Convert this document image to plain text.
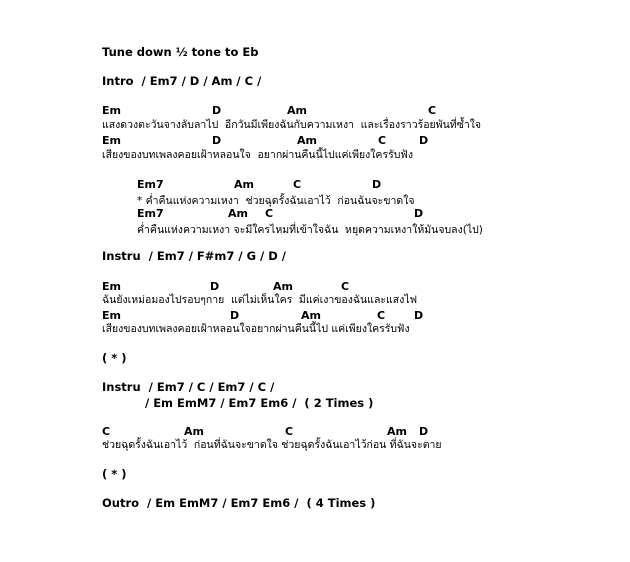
Tune down ½ tone to Eb
Intro  / Em7 / D / Am / C /
Em	D	Am	C
แสงดวงตะวันจางลับลาไป  อีกวันมีเพียงฉันกับความเหงา  และเรื่องราวร้อยพันที่ซ้ำใจ
Em	D	Am	C	D
เสียงของบทเพลงคอยเฝ้าหลอนใจ  อยากผ่านคืนนี้ไปแค่เพียงใครรับฟัง
Em7	Am	C	D
* ค่ำคืนแห่งความเหงา  ช่วยฉุดรั้งฉันเอาไว้  ก่อนฉันจะขาดใจ
Em7	Am C	D
ค่ำคืนแห่งความเหงา จะมีใครไหมที่เข้าใจฉัน  หยุดความเหงาให้มันจบลง(ไป)
Instru  / Em7 / F#m7 / G / D /
Em	D	Am	C
ฉันยังเหม่อมองไปรอบๆกาย  แต่ไม่เห็นใคร  มีแค่เงาของฉันและแสงไฟ
Em	D	Am	C	D
เสียงของบทเพลงคอยเฝ้าหลอนใจอยากผ่านคืนนี้ไป แค่เพียงใครรับฟัง
( * )
Instru  / Em7 / C / Em7 / C /
/ Em EmM7 / Em7 Em6 /  ( 2 Times )
C	Am	C	Am D
ช่วยฉุดรั้งฉันเอาไว้  ก่อนที่ฉันจะขาดใจ ช่วยฉุดรั้งฉันเอาไว้ก่อน ที่ฉันจะตาย
( * )
Outro  / Em EmM7 / Em7 Em6 /  ( 4 Times )
